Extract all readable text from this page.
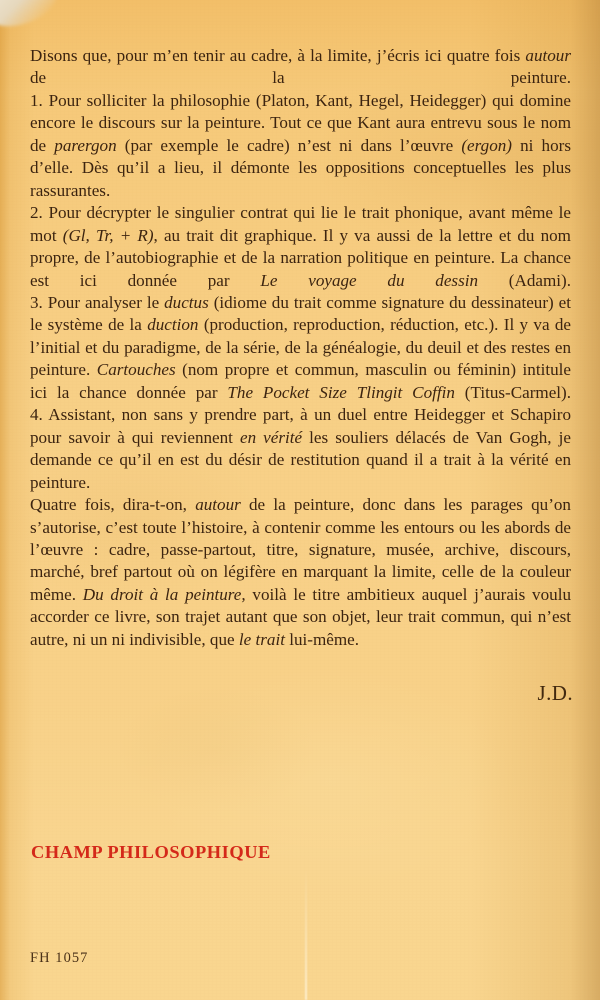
Disons que, pour m’en tenir au cadre, à la limite, j’écris ici quatre fois autour de la peinture.

1. Pour solliciter la philosophie (Platon, Kant, Hegel, Heidegger) qui domine encore le discours sur la peinture. Tout ce que Kant aura entrevu sous le nom de parergon (par exemple le cadre) n’est ni dans l’œuvre (ergon) ni hors d’elle. Dès qu’il a lieu, il démonte les oppositions conceptuelles les plus rassurantes.

2. Pour décrypter le singulier contrat qui lie le trait phonique, avant même le mot (Gl, Tr, + R), au trait dit graphique. Il y va aussi de la lettre et du nom propre, de l’autobiographie et de la narration politique en peinture. La chance est ici donnée par Le voyage du dessin (Adami).

3. Pour analyser le ductus (idiome du trait comme signature du dessinateur) et le système de la duction (production, reproduction, réduction, etc.). Il y va de l’initial et du paradigme, de la série, de la généalogie, du deuil et des restes en peinture. Cartouches (nom propre et commun, masculin ou féminin) intitule ici la chance donnée par The Pocket Size Tlingit Coffin (Titus-Carmel).

4. Assistant, non sans y prendre part, à un duel entre Heidegger et Schapiro pour savoir à qui reviennent en vérité les souliers délacés de Van Gogh, je demande ce qu’il en est du désir de restitution quand il a trait à la vérité en peinture.

Quatre fois, dira-t-on, autour de la peinture, donc dans les parages qu’on s’autorise, c’est toute l’histoire, à contenir comme les entours ou les abords de l’œuvre : cadre, passe-partout, titre, signature, musée, archive, discours, marché, bref partout où on légifère en marquant la limite, celle de la couleur même. Du droit à la peinture, voilà le titre ambitieux auquel j’aurais voulu accorder ce livre, son trajet autant que son objet, leur trait commun, qui n’est autre, ni un ni indivisible, que le trait lui-même.

J.D.
CHAMP PHILOSOPHIQUE
FH 1057
